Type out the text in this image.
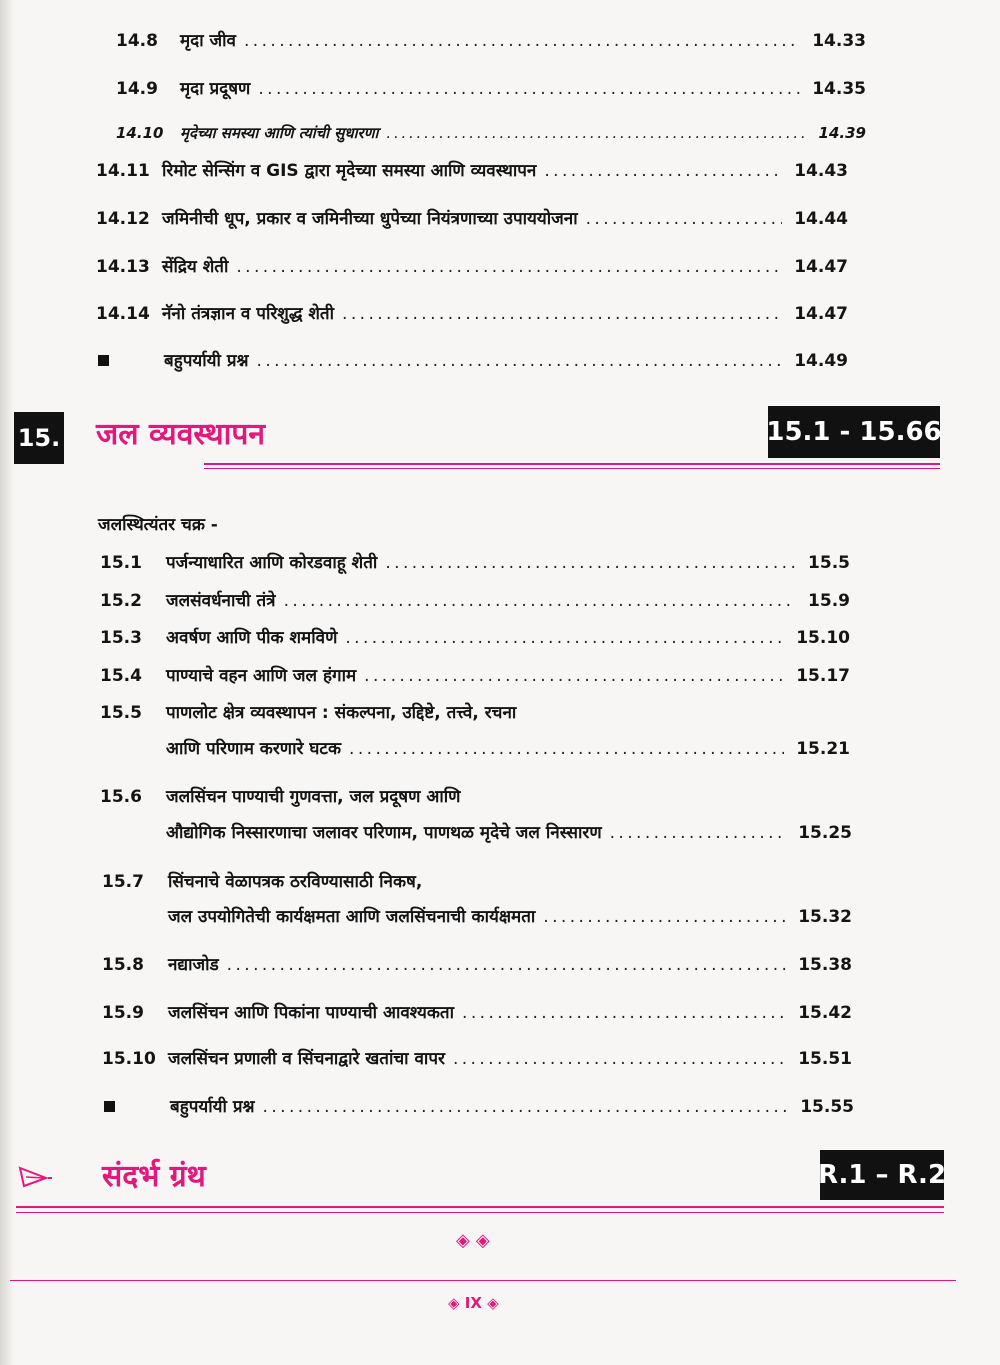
14.8	मृदा जीव . . .	14.33
14.9	मृदा प्रदूषण . . .	14.35
14.10	मृदेच्या समस्या आणि त्यांची सुधारणा . . .	14.39
14.11 रिमोट सेन्सिंग व GIS द्वारा मृदेच्या समस्या आणि व्यवस्थापन . . .	14.43
14.12 जमिनीची धूप, प्रकार व जमिनीच्या धुपेच्या नियंत्रणाच्या उपाययोजना . . .	14.44
14.13 सेंद्रिय शेती . . .	14.47
14.14 नॅनो तंत्रज्ञान व परिशुद्ध शेती . . .	14.47
बहुपर्यायी प्रश्न . . .	14.49
15. जल व्यवस्थापन	15.1 - 15.66
जलस्थित्यंतर चक्र -
15.1	पर्जन्याधारित आणि कोरडवाहू शेती . . .	15.5
15.2	जलसंवर्धनाची तंत्रे . . .	15.9
15.3	अवर्षण आणि पीक शमविणे . . .	15.10
15.4	पाण्याचे वहन आणि जल हंगाम . . .	15.17
15.5 पाणलोट क्षेत्र व्यवस्थापन : संकल्पना, उद्दिष्टे, तत्त्वे, रचना
आणि परिणाम करणारे घटक . . .	15.21
15.6 जलसिंचन पाण्याची गुणवत्ता, जल प्रदूषण आणि
औद्योगिक निस्सारणाचा जलावर परिणाम, पाणथळ मृदेचे जल निस्सारण . . .	15.25
15.7 सिंचनाचे वेळापत्रक ठरविण्यासाठी निकष,
जल उपयोगितेची कार्यक्षमता आणि जलसिंचनाची कार्यक्षमता . . .	15.32
15.8	नद्याजोड . . .	15.38
15.9	जलसिंचन आणि पिकांना पाण्याची आवश्यकता . . .	15.42
15.10 जलसिंचन प्रणाली व सिंचनाद्वारे खतांचा वापर . . .	15.51
बहुपर्यायी प्रश्न . . .	15.55
संदर्भ ग्रंथ	R.1 – R.2
◈◈
◈ IX ◈
